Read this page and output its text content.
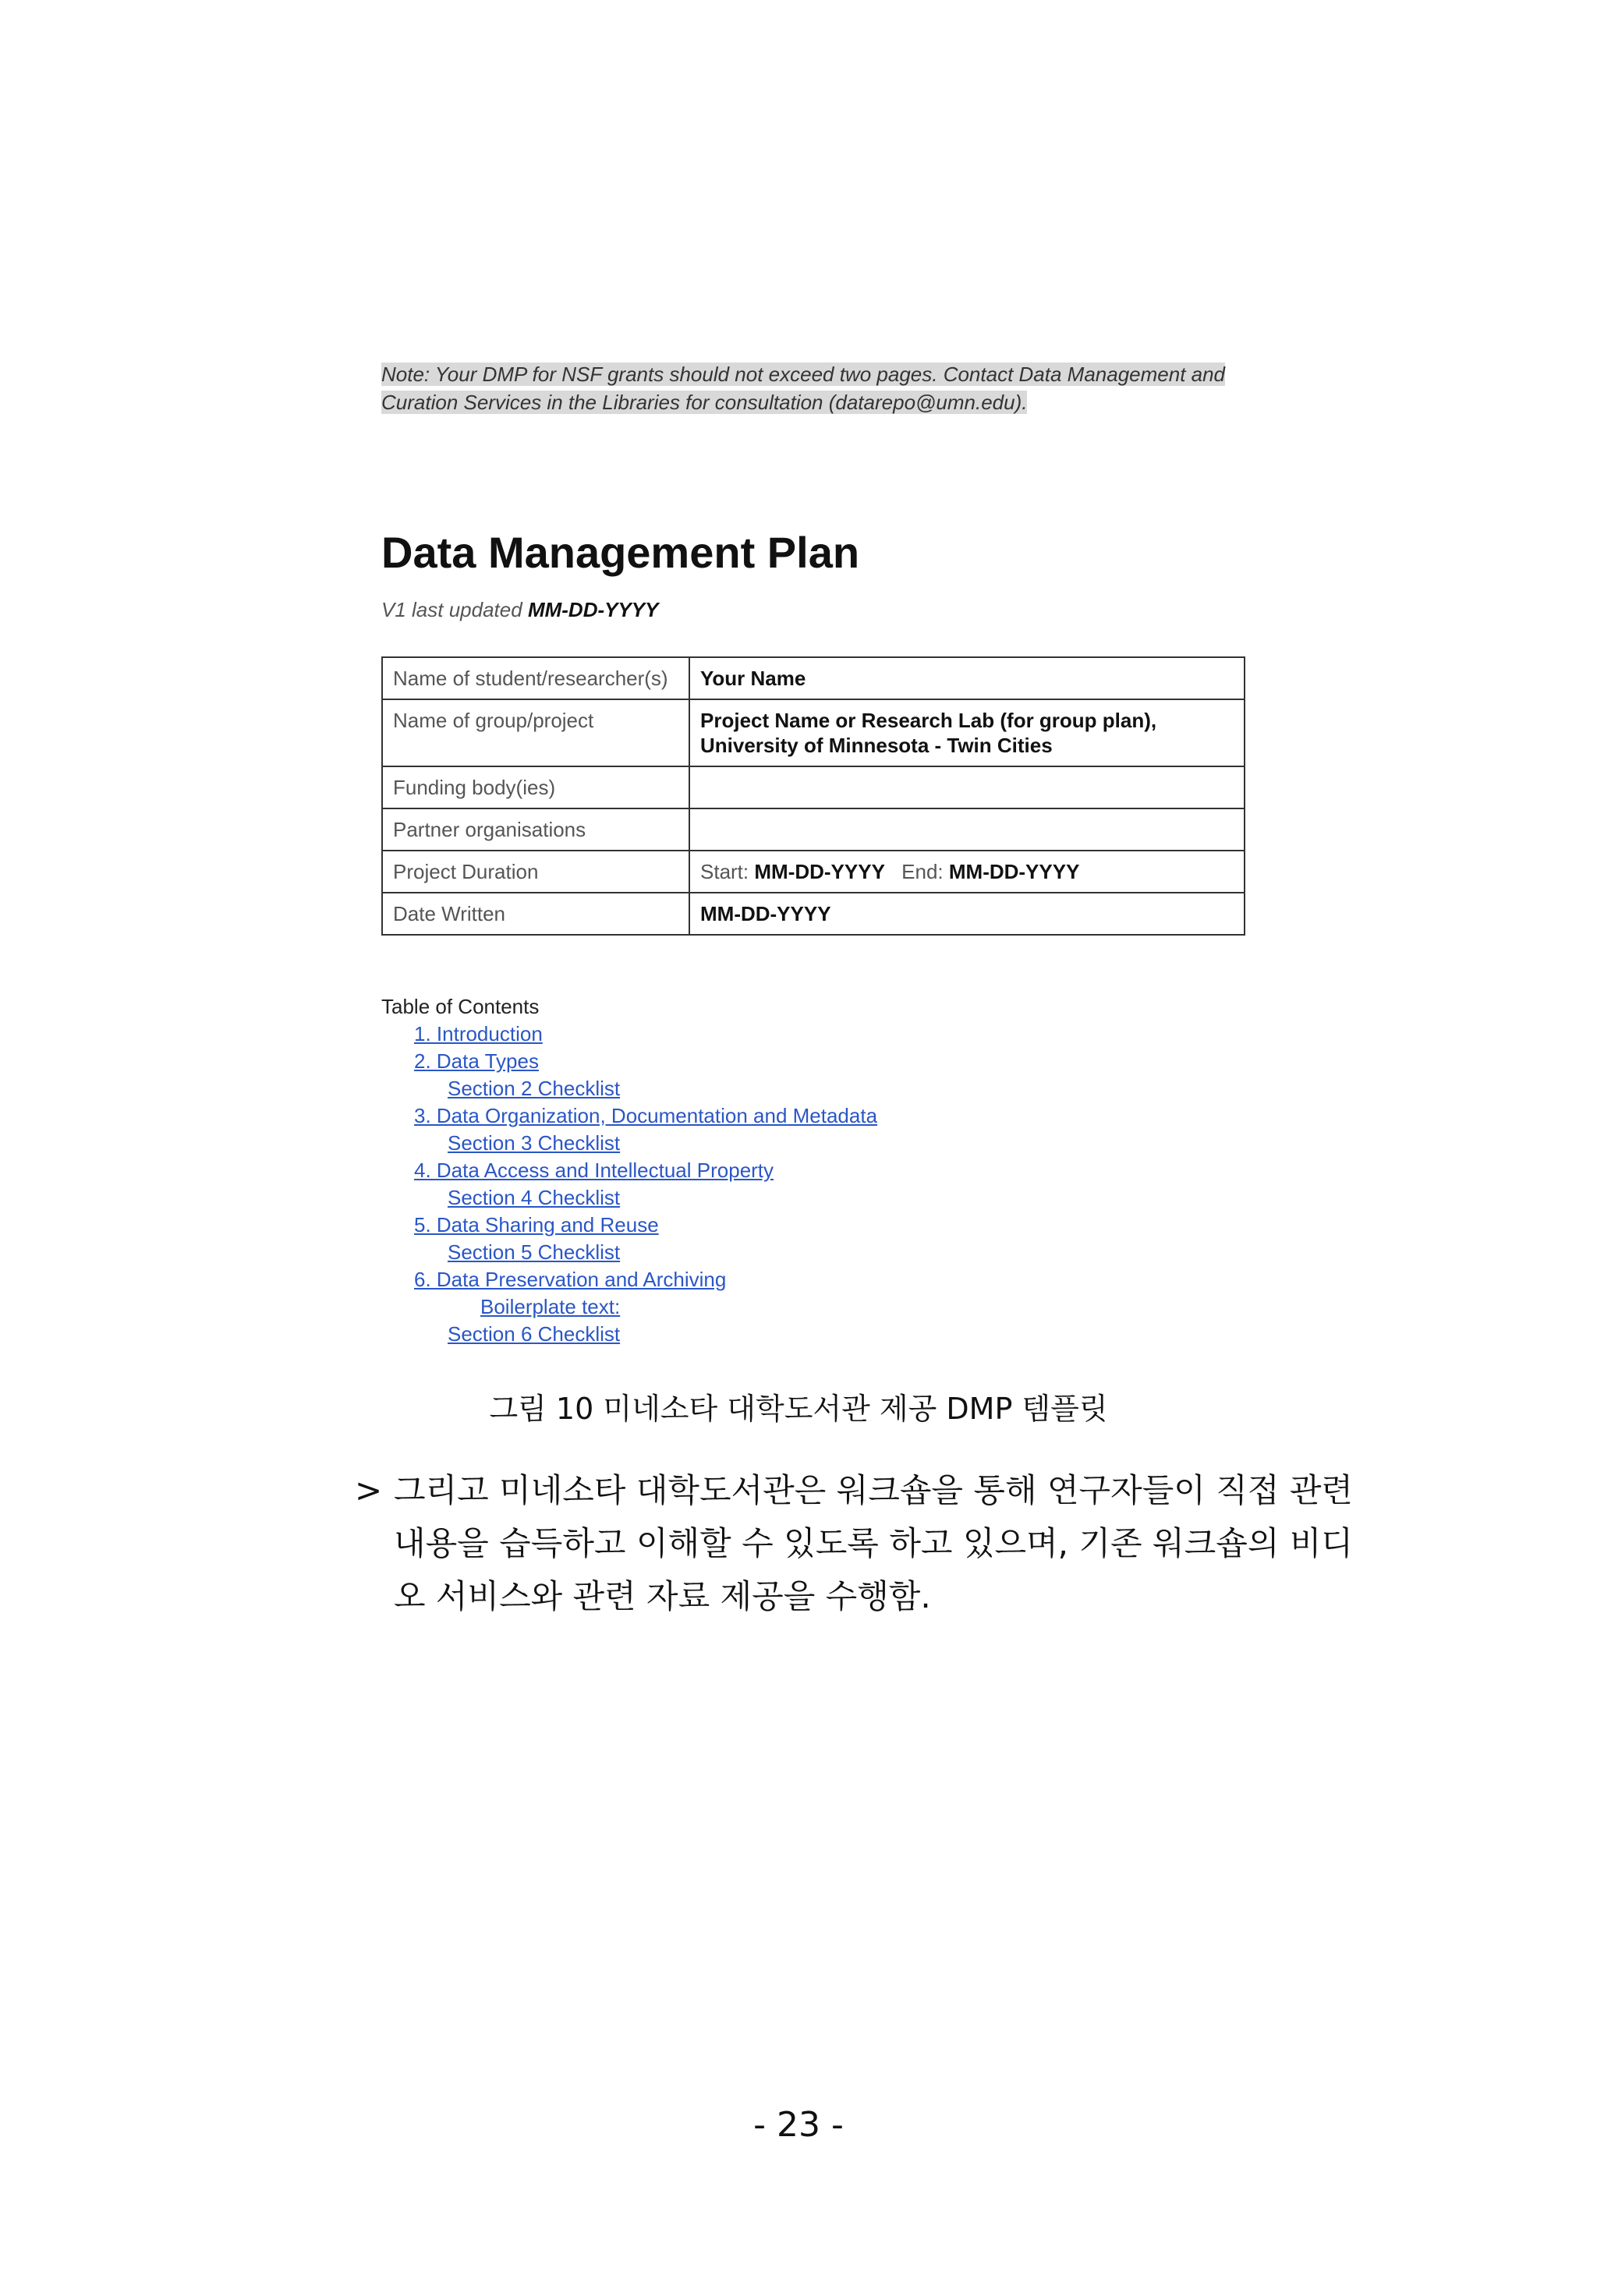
Note: Your DMP for NSF grants should not exceed two pages. Contact Data Management and Curation Services in the Libraries for consultation (datarepo@umn.edu).
Data Management Plan
V1 last updated MM-DD-YYYY
Name of student/researcher(s)	Your Name
Name of group/project	Project Name or Research Lab (for group plan), University of Minnesota - Twin Cities
Funding body(ies)	
Partner organisations	
Project Duration	Start: MM-DD-YYYY End: MM-DD-YYYY
Date Written	MM-DD-YYYY
Table of Contents
1. Introduction
2. Data Types
Section 2 Checklist
3. Data Organization, Documentation and Metadata
Section 3 Checklist
4. Data Access and Intellectual Property
Section 4 Checklist
5. Data Sharing and Reuse
Section 5 Checklist
6. Data Preservation and Archiving
Boilerplate text:
Section 6 Checklist
그림 10 미네소타 대학도서관 제공 DMP 템플릿
> 그리고 미네소타 대학도서관은 워크숍을 통해 연구자들이 직접 관련 내용을 습득하고 이해할 수 있도록 하고 있으며, 기존 워크숍의 비디오 서비스와 관련 자료 제공을 수행함.
- 23 -
